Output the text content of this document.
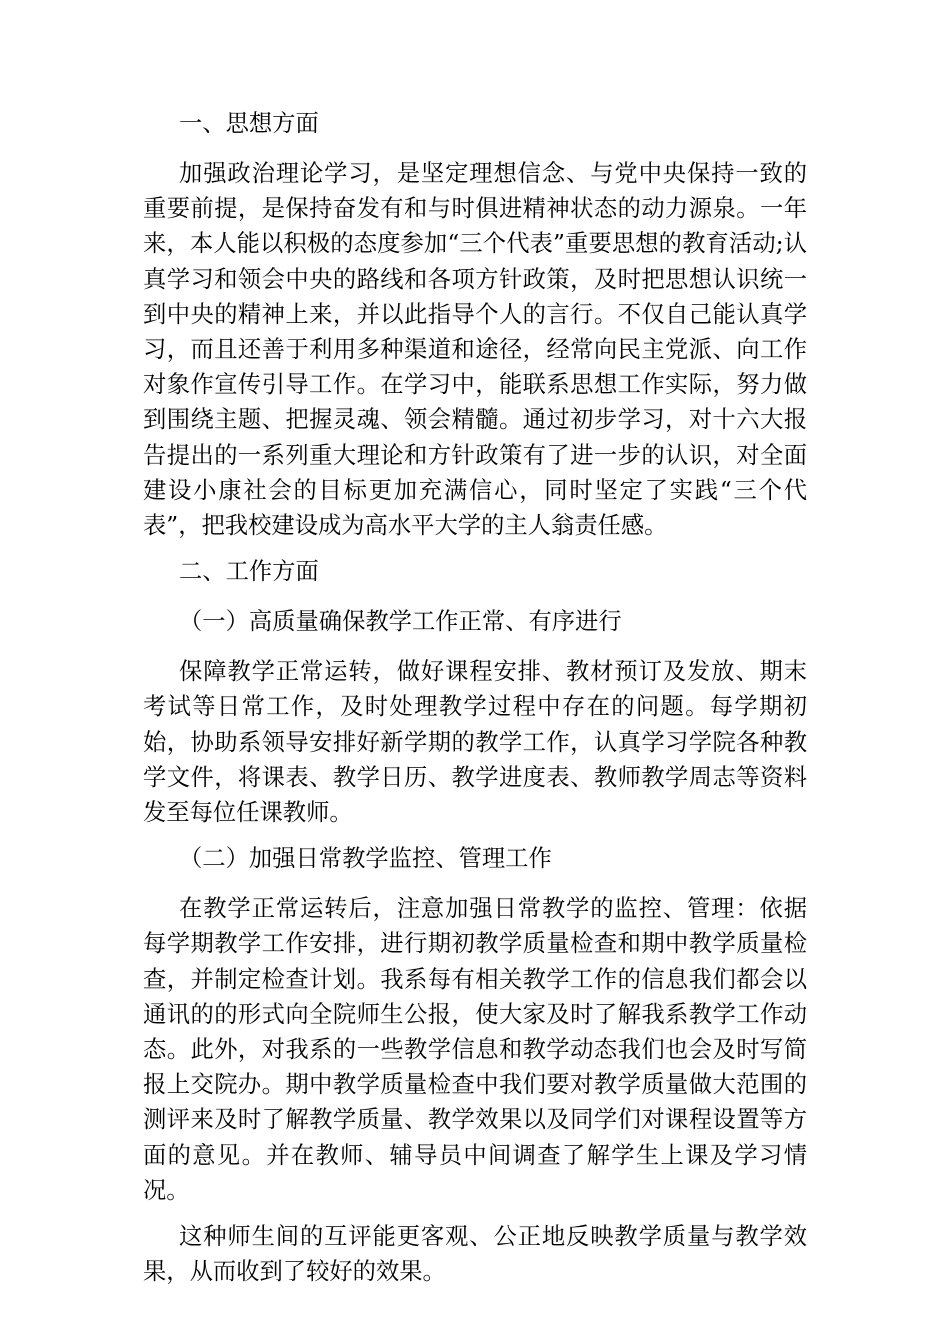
一、思想方面

加强政治理论学习，是坚定理想信念、与党中央保持一致的重要前提，是保持奋发有和与时俱进精神状态的动力源泉。一年来，本人能以积极的态度参加“三个代表”重要思想的教育活动;认真学习和领会中央的路线和各项方针政策，及时把思想认识统一到中央的精神上来，并以此指导个人的言行。不仅自己能认真学习，而且还善于利用多种渠道和途径，经常向民主党派、向工作对象作宣传引导工作。在学习中，能联系思想工作实际，努力做到围绕主题、把握灵魂、领会精髓。通过初步学习，对十六大报告提出的一系列重大理论和方针政策有了进一步的认识，对全面建设小康社会的目标更加充满信心，同时坚定了实践“三个代表”，把我校建设成为高水平大学的主人翁责任感。

二、工作方面

（一）高质量确保教学工作正常、有序进行

保障教学正常运转，做好课程安排、教材预订及发放、期末考试等日常工作，及时处理教学过程中存在的问题。每学期初始，协助系领导安排好新学期的教学工作，认真学习学院各种教学文件，将课表、教学日历、教学进度表、教师教学周志等资料发至每位任课教师。

（二）加强日常教学监控、管理工作

在教学正常运转后，注意加强日常教学的监控、管理：依据每学期教学工作安排，进行期初教学质量检查和期中教学质量检查，并制定检查计划。我系每有相关教学工作的信息我们都会以通讯的的形式向全院师生公报，使大家及时了解我系教学工作动态。此外，对我系的一些教学信息和教学动态我们也会及时写简报上交院办。期中教学质量检查中我们要对教学质量做大范围的测评来及时了解教学质量、教学效果以及同学们对课程设置等方面的意见。并在教师、辅导员中间调查了解学生上课及学习情况。

这种师生间的互评能更客观、公正地反映教学质量与教学效果，从而收到了较好的效果。
